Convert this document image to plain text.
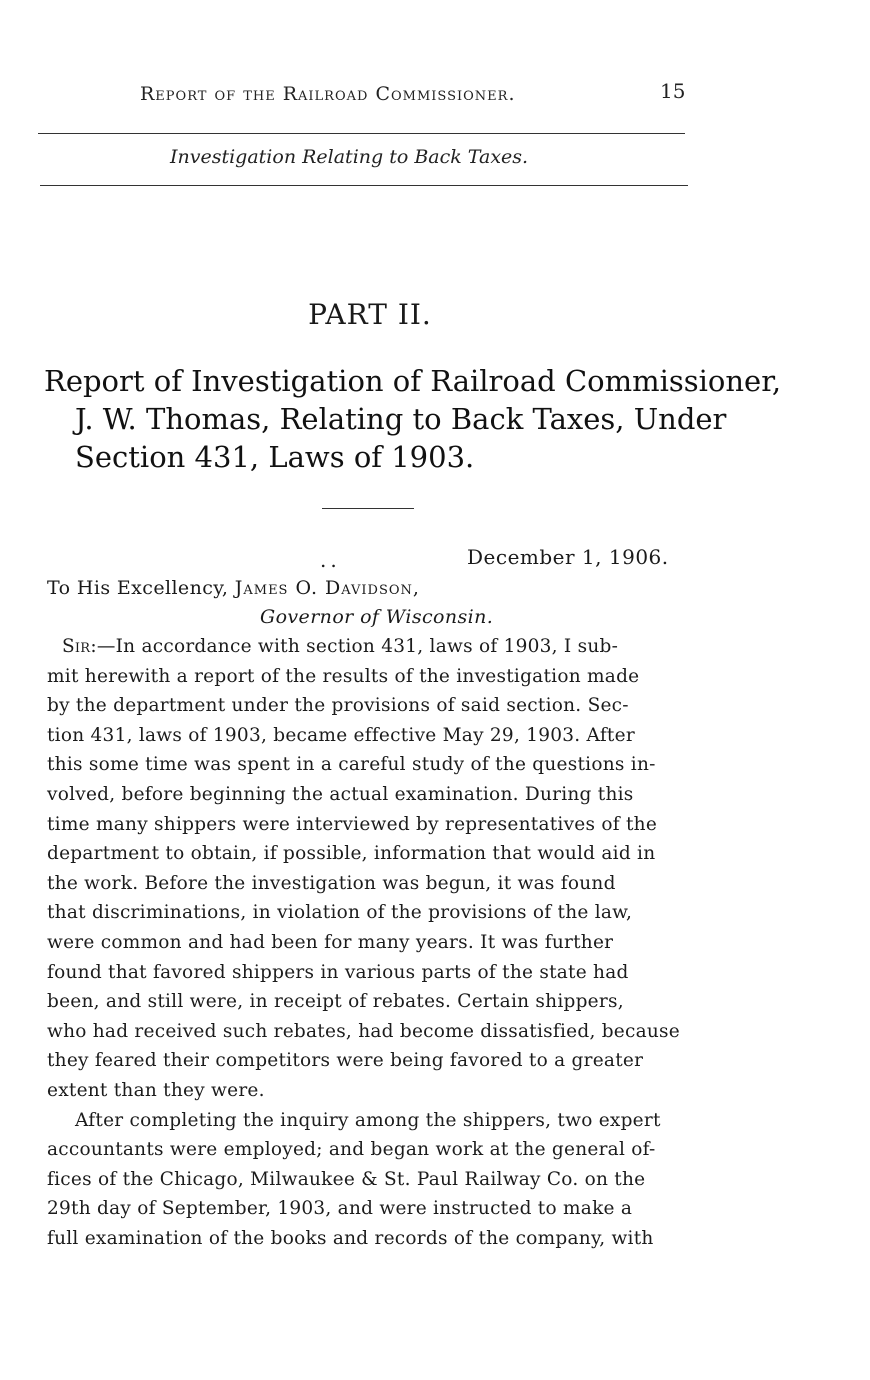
Report of the Railroad Commissioner.	15

Investigation Relating to Back Taxes.

PART II.

Report of Investigation of Railroad Commissioner,

J. W. Thomas, Relating to Back Taxes, Under

Section 431, Laws of 1903.

..	December 1, 1906.

To His Excellency, James O. Davidson,

Governor of Wisconsin.

Sir:—In accordance with section 431, laws of 1903, I sub-

mit herewith a report of the results of the investigation made

by the department under the provisions of said section. Sec-

tion 431, laws of 1903, became effective May 29, 1903. After

this some time was spent in a careful study of the questions in-

volved, before beginning the actual examination. During this

time many shippers were interviewed by representatives of the

department to obtain, if possible, information that would aid in

the work. Before the investigation was begun, it was found

that discriminations, in violation of the provisions of the law,

were common and had been for many years. It was further

found that favored shippers in various parts of the state had

been, and still were, in receipt of rebates. Certain shippers,

who had received such rebates, had become dissatisfied, because

they feared their competitors were being favored to a greater

extent than they were.

After completing the inquiry among the shippers, two expert

accountants were employed; and began work at the general of-

fices of the Chicago, Milwaukee & St. Paul Railway Co. on the

29th day of September, 1903, and were instructed to make a

full examination of the books and records of the company, with
